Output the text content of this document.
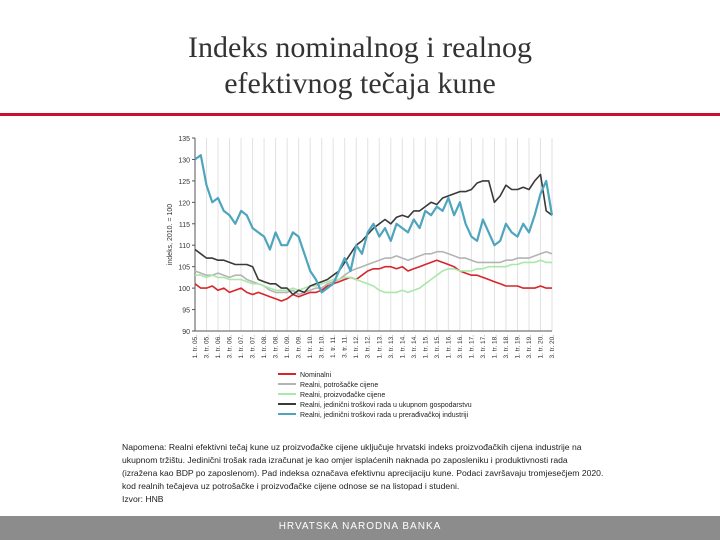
Indeks nominalnog i realnog
efektivnog tečaja kune
90
95
100
105
110
115
120
125
130
135
indeks, 2010. = 100
1. tr. 05. 3. tr. 05. 1. tr. 06. 3. tr. 06. 1. tr. 07. 3. tr. 07. 1. tr. 08. 3. tr. 08. 1. tr. 09. 3. tr. 09. 1. tr. 10. 3. tr. 10. 1. tr. 11. 3. tr. 11. 1. tr. 12. 3. tr. 12. 1. tr. 13. 3. tr. 13. 1. tr. 14. 3. tr. 14. 1. tr. 15. 3. tr. 15. 1. tr. 16. 3. tr. 16. 1. tr. 17. 3. tr. 17. 1. tr. 18. 3. tr. 18. 1. tr. 19. 3. tr. 19. 1. tr. 20. 3. tr. 20.
Nominalni
Realni, potrošačke cijene
Realni, proizvođačke cijene
Realni, jedinični troškovi rada u ukupnom gospodarstvu
Realni, jedinični troškovi rada u prerađivačkoj industriji
Napomena: Realni efektivni tečaj kune uz proizvođačke cijene uključuje hrvatski indeks proizvođačkih cijena industrije na
ukupnom tržištu. Jedinični trošak rada izračunat je kao omjer isplaćenih naknada po zaposleniku i produktivnosti rada
(izražena kao BDP po zaposlenom). Pad indeksa označava efektivnu aprecijaciju kune. Podaci završavaju tromjesečjem 2020.
kod realnih tečajeva uz potrošačke i proizvođačke cijene odnose se na listopad i studeni.
Izvor: HNB
HRVATSKA NARODNA BANKA
